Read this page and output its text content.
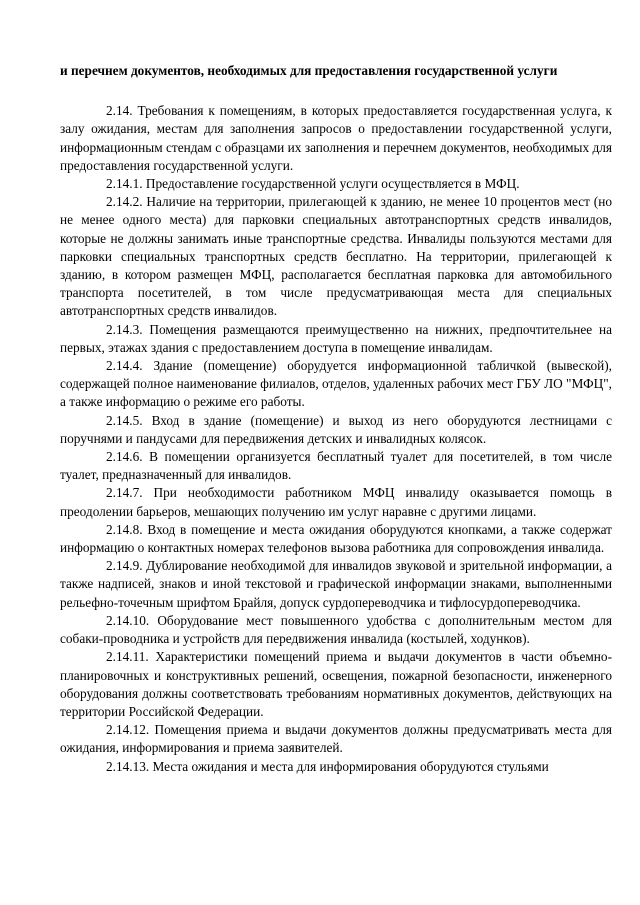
и перечнем документов, необходимых для предоставления государственной услуги

2.14. Требования к помещениям, в которых предоставляется государственная услуга, к залу ожидания, местам для заполнения запросов о предоставлении государственной услуги, информационным стендам с образцами их заполнения и перечнем документов, необходимых для предоставления государственной услуги.

2.14.1. Предоставление государственной услуги осуществляется в МФЦ.

2.14.2. Наличие на территории, прилегающей к зданию, не менее 10 процентов мест (но не менее одного места) для парковки специальных автотранспортных средств инвалидов, которые не должны занимать иные транспортные средства. Инвалиды пользуются местами для парковки специальных транспортных средств бесплатно. На территории, прилегающей к зданию, в котором размещен МФЦ, располагается бесплатная парковка для автомобильного транспорта посетителей, в том числе предусматривающая места для специальных автотранспортных средств инвалидов.

2.14.3. Помещения размещаются преимущественно на нижних, предпочтительнее на первых, этажах здания с предоставлением доступа в помещение инвалидам.

2.14.4. Здание (помещение) оборудуется информационной табличкой (вывеской), содержащей полное наименование филиалов, отделов, удаленных рабочих мест ГБУ ЛО "МФЦ", а также информацию о режиме его работы.

2.14.5. Вход в здание (помещение) и выход из него оборудуются лестницами с поручнями и пандусами для передвижения детских и инвалидных колясок.

2.14.6. В помещении организуется бесплатный туалет для посетителей, в том числе туалет, предназначенный для инвалидов.

2.14.7. При необходимости работником МФЦ инвалиду оказывается помощь в преодолении барьеров, мешающих получению им услуг наравне с другими лицами.

2.14.8. Вход в помещение и места ожидания оборудуются кнопками, а также содержат информацию о контактных номерах телефонов вызова работника для сопровождения инвалида.

2.14.9. Дублирование необходимой для инвалидов звуковой и зрительной информации, а также надписей, знаков и иной текстовой и графической информации знаками, выполненными рельефно-точечным шрифтом Брайля, допуск сурдопереводчика и тифлосурдопереводчика.

2.14.10. Оборудование мест повышенного удобства с дополнительным местом для собаки-проводника и устройств для передвижения инвалида (костылей, ходунков).

2.14.11. Характеристики помещений приема и выдачи документов в части объемно-планировочных и конструктивных решений, освещения, пожарной безопасности, инженерного оборудования должны соответствовать требованиям нормативных документов, действующих на территории Российской Федерации.

2.14.12. Помещения приема и выдачи документов должны предусматривать места для ожидания, информирования и приема заявителей.

2.14.13. Места ожидания и места для информирования оборудуются стульями
